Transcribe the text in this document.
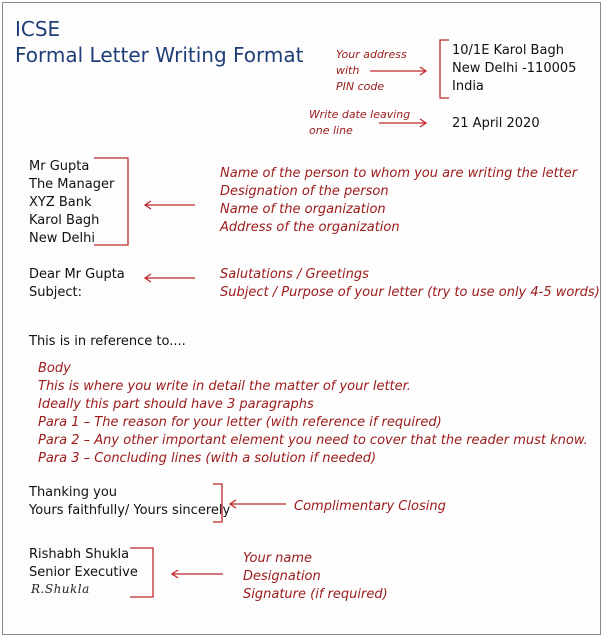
ICSE
Formal Letter Writing Format	Your address
with
PIN code
10/1E Karol Bagh
New Delhi -110005
India
Write date leaving
one line	21 April 2020
Mr Gupta
The Manager
XYZ Bank
Karol Bagh
New Delhi
Name of the person to whom you are writing the letter
Designation of the person
Name of the organization
Address of the organization
Dear Mr Gupta
Subject:
Salutations / Greetings
Subject / Purpose of your letter (try to use only 4-5 words)
This is in reference to....
Body
This is where you write in detail the matter of your letter.
Ideally this part should have 3 paragraphs
Para 1 – The reason for your letter (with reference if required)
Para 2 – Any other important element you need to cover that the reader must know.
Para 3 – Concluding lines (with a solution if needed)
Thanking you
Yours faithfully/ Yours sincerely	Complimentary Closing
Rishabh Shukla
Senior Executive
R.Shukla
Your name
Designation
Signature (if required)
